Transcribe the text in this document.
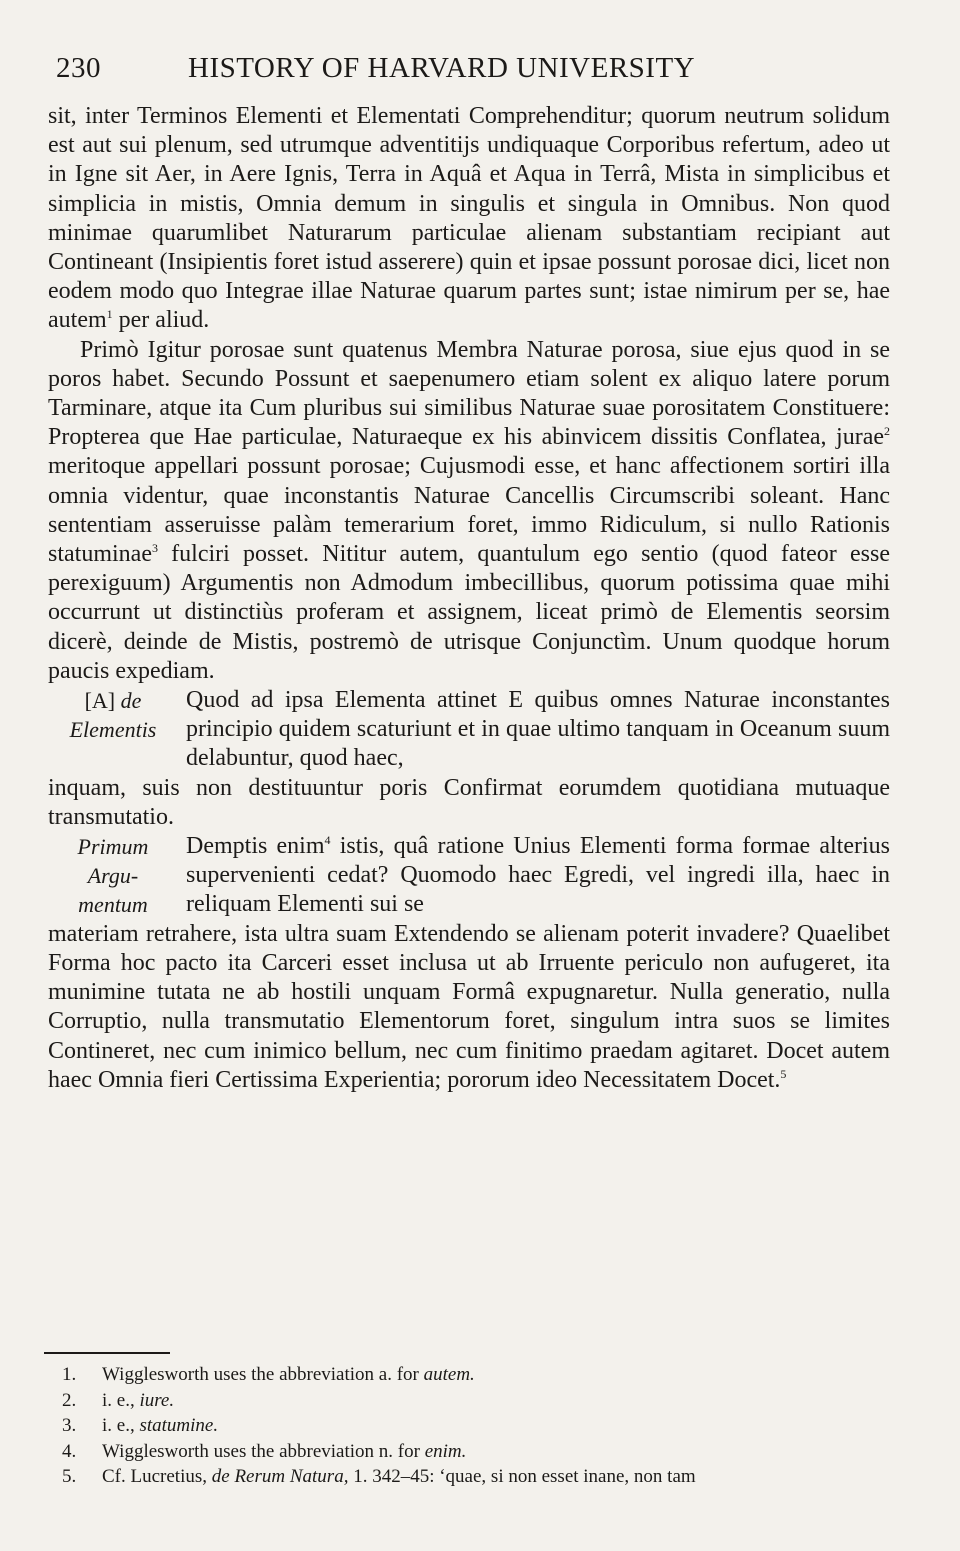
230	HISTORY OF HARVARD UNIVERSITY

sit, inter Terminos Elementi et Elementati Comprehenditur; quorum neutrum solidum est aut sui plenum, sed utrumque adventitijs undiquaque Corporibus refertum, adeo ut in Igne sit Aer, in Aere Ignis, Terra in Aquâ et Aqua in Terrâ, Mista in simplicibus et simplicia in mistis, Omnia demum in singulis et singula in Omnibus. Non quod minimae quarumlibet Naturarum particulae alienam substantiam recipiant aut Contineant (Insipientis foret istud asserere) quin et ipsae possunt porosae dici, licet non eodem modo quo Integrae illae Naturae quarum partes sunt; istae nimirum per se, hae autem$^1$ per aliud.

Primò Igitur porosae sunt quatenus Membra Naturae porosa, siue ejus quod in se poros habet. Secundo Possunt et saepenumero etiam solent ex aliquo latere porum Tarminare, atque ita Cum pluribus sui similibus Naturae suae porositatem Constituere: Propterea que Hae particulae, Naturaeque ex his abinvicem dissitis Conflatea, jurae$^2$ meritoque appellari possunt porosae; Cujusmodi esse, et hanc affectionem sortiri illa omnia videntur, quae inconstantis Naturae Cancellis Circumscribi soleant. Hanc sententiam asseruisse palàm temerarium foret, immo Ridiculum, si nullo Rationis statuminae$^3$ fulciri posset. Nititur autem, quantulum ego sentio (quod fateor esse perexiguum) Argumentis non Admodum imbecillibus, quorum potissima quae mihi occurrunt ut distinctiùs proferam et assignem, liceat primò de Elementis seorsim dicerè, deinde de Mistis, postremò de utrisque Conjunctìm. Unum quodque horum paucis expediam.

[A] de
Elementis
Quod ad ipsa Elementa attinet E quibus omnes Naturae inconstantes principio quidem scaturiunt et in quae ultimo tanquam in Oceanum suum delabuntur, quod haec,

inquam, suis non destituuntur poris Confirmat eorumdem quotidiana mutuaque transmutatio.

Primum
Argu-
mentum
Demptis enim$^4$ istis, quâ ratione Unius Elementi forma formae alterius supervenienti cedat? Quomodo haec Egredi, vel ingredi illa, haec in reliquam Elementi sui se

materiam retrahere, ista ultra suam Extendendo se alienam poterit invadere? Quaelibet Forma hoc pacto ita Carceri esset inclusa ut ab Irruente periculo non aufugeret, ita munimine tutata ne ab hostili unquam Formâ expugnaretur. Nulla generatio, nulla Corruptio, nulla transmutatio Elementorum foret, singulum intra suos se limites Contineret, nec cum inimico bellum, nec cum finitimo praedam agitaret. Docet autem haec Omnia fieri Certissima Experientia; pororum ideo Necessitatem Docet.$^5$

1. Wigglesworth uses the abbreviation a. for autem.
2. i. e., iure.
3. i. e., statumine.
4. Wigglesworth uses the abbreviation n. for enim.
5. Cf. Lucretius, de Rerum Natura, 1. 342–45: ‘quae, si non esset inane, non tam
